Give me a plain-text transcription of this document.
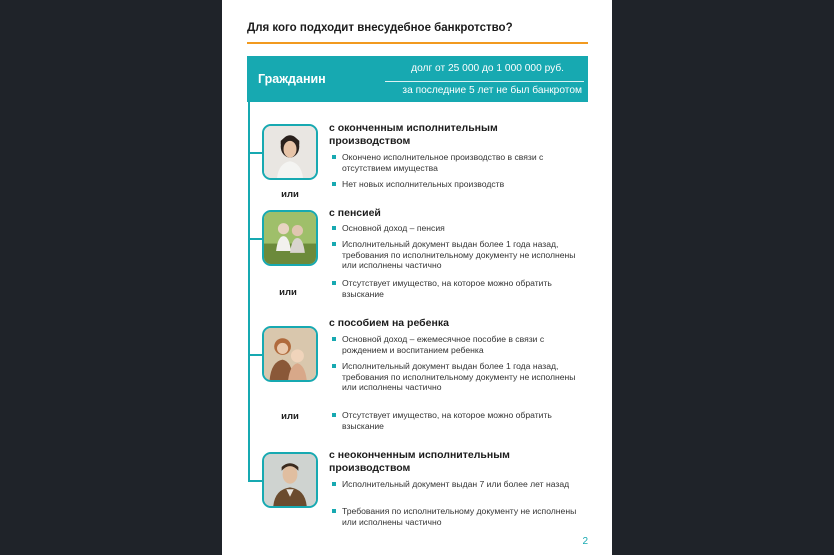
Для кого подходит внесудебное банкротство?
Гражданин
долг от 25 000 до 1 000 000 руб.
за последние 5 лет не был банкротом
с оконченным исполнительным производством
Окончено исполнительное производство в связи с отсутствием имущества
Нет новых исполнительных производств
или
с пенсией
Основной доход – пенсия
Исполнительный документ выдан более 1 года назад, требования по исполнительному документу не исполнены или исполнены частично
Отсутствует имущество, на которое можно обратить взыскание
или
с пособием на ребенка
Основной доход – ежемесячное пособие в связи с рождением и воспитанием ребенка
Исполнительный документ выдан более 1 года назад, требования по исполнительному документу не исполнены или исполнены частично
Отсутствует имущество, на которое можно обратить взыскание
или
с неоконченным исполнительным производством
Исполнительный документ выдан 7 или более лет назад
Требования по исполнительному документу не исполнены или исполнены частично
2
